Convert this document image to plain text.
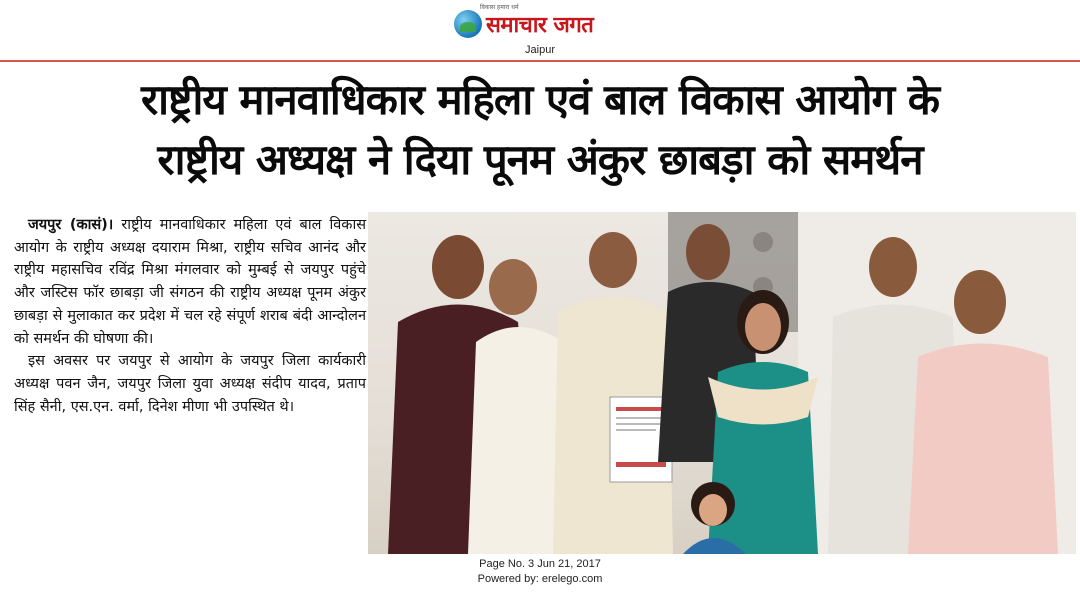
विकास हमारा धर्म
समाचार जगत
Jaipur
राष्ट्रीय मानवाधिकार महिला एवं बाल विकास आयोग के
राष्ट्रीय अध्यक्ष ने दिया पूनम अंकुर छाबड़ा को समर्थन

जयपुर (कासं)। राष्ट्रीय मानवाधिकार महिला एवं बाल विकास आयोग के राष्ट्रीय अध्यक्ष दयाराम मिश्रा, राष्ट्रीय सचिव आनंद और राष्ट्रीय महासचिव रविंद्र मिश्रा मंगलवार को मुम्बई से जयपुर पहुंचे और जस्टिस फॉर छाबड़ा जी संगठन की राष्ट्रीय अध्यक्ष पूनम अंकुर छाबड़ा से मुलाकात कर प्रदेश में चल रहे संपूर्ण शराब बंदी आन्दोलन को समर्थन की घोषणा की।

इस अवसर पर जयपुर से आयोग के जयपुर जिला कार्यकारी अध्यक्ष पवन जैन, जयपुर जिला युवा अध्यक्ष संदीप यादव, प्रताप सिंह सैनी, एस.एन. वर्मा, दिनेश मीणा भी उपस्थित थे।

Page No. 3 Jun 21, 2017
Powered by: erelego.com
